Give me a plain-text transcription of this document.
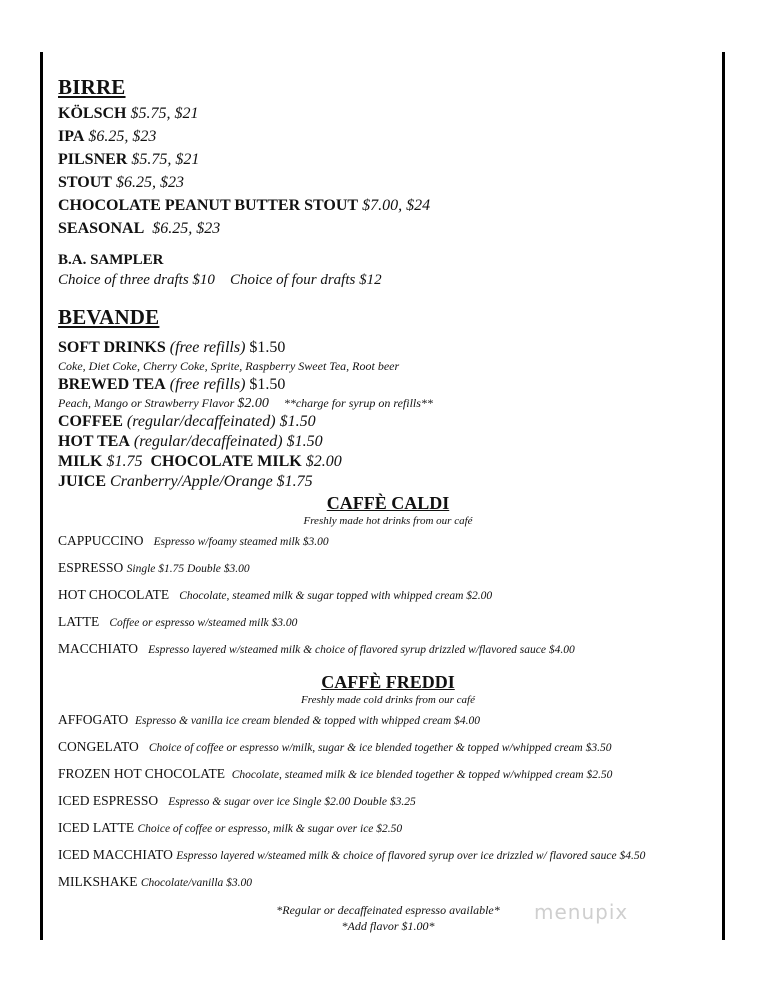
BIRRE
KÖLSCH $5.75, $21
IPA $6.25, $23
PILSNER $5.75, $21
STOUT $6.25, $23
CHOCOLATE PEANUT BUTTER STOUT $7.00, $24
SEASONAL $6.25, $23
B.A. SAMPLER
Choice of three drafts $10 Choice of four drafts $12
BEVANDE
SOFT DRINKS (free refills) $1.50
Coke, Diet Coke, Cherry Coke, Sprite, Raspberry Sweet Tea, Root beer
BREWED TEA (free refills) $1.50
Peach, Mango or Strawberry Flavor $2.00 **charge for syrup on refills**
COFFEE (regular/decaffeinated) $1.50
HOT TEA (regular/decaffeinated) $1.50
MILK $1.75 CHOCOLATE MILK $2.00
JUICE Cranberry/Apple/Orange $1.75
CAFFÈ CALDI
Freshly made hot drinks from our café
CAPPUCCINO Espresso w/foamy steamed milk $3.00
ESPRESSO Single $1.75 Double $3.00
HOT CHOCOLATE Chocolate, steamed milk & sugar topped with whipped cream $2.00
LATTE Coffee or espresso w/steamed milk $3.00
MACCHIATO Espresso layered w/steamed milk & choice of flavored syrup drizzled w/flavored sauce $4.00
CAFFÈ FREDDI
Freshly made cold drinks from our café
AFFOGATO Espresso & vanilla ice cream blended & topped with whipped cream $4.00
CONGELATO Choice of coffee or espresso w/milk, sugar & ice blended together & topped w/whipped cream $3.50
FROZEN HOT CHOCOLATE Chocolate, steamed milk & ice blended together & topped w/whipped cream $2.50
ICED ESPRESSO Espresso & sugar over ice Single $2.00 Double $3.25
ICED LATTE Choice of coffee or espresso, milk & sugar over ice $2.50
ICED MACCHIATO Espresso layered w/steamed milk & choice of flavored syrup over ice drizzled w/ flavored sauce $4.50
MILKSHAKE Chocolate/vanilla $3.00
*Regular or decaffeinated espresso available*
*Add flavor $1.00*
menupix
